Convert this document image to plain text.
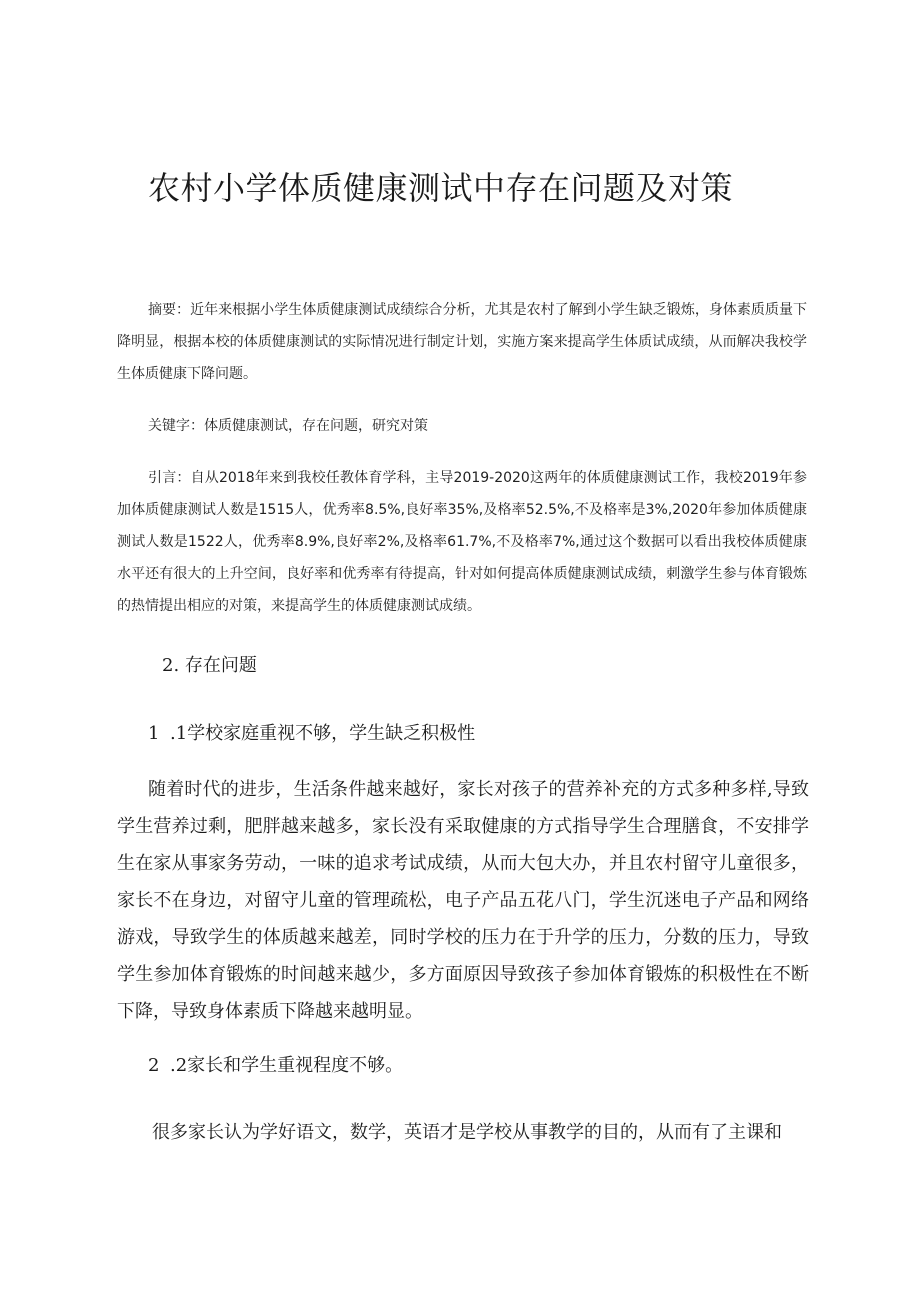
农村小学体质健康测试中存在问题及对策
摘要：近年来根据小学生体质健康测试成绩综合分析，尤其是农村了解到小学生缺乏锻炼，身体素质质量下降明显，根据本校的体质健康测试的实际情况进行制定计划，实施方案来提高学生体质试成绩，从而解决我校学生体质健康下降问题。
关键字：体质健康测试，存在问题，研究对策
引言：自从2018年来到我校任教体育学科，主导2019-2020这两年的体质健康测试工作，我校2019年参加体质健康测试人数是1515人，优秀率8.5%,良好率35%,及格率52.5%,不及格率是3%,2020年参加体质健康测试人数是1522人，优秀率8.9%,良好率2%,及格率61.7%,不及格率7%,通过这个数据可以看出我校体质健康水平还有很大的上升空间，良好率和优秀率有待提高，针对如何提高体质健康测试成绩，刺激学生参与体育锻炼的热情提出相应的对策，来提高学生的体质健康测试成绩。
2. 存在问题
1 .1学校家庭重视不够，学生缺乏积极性
随着时代的进步，生活条件越来越好，家长对孩子的营养补充的方式多种多样,导致学生营养过剩，肥胖越来越多，家长没有采取健康的方式指导学生合理膳食，不安排学生在家从事家务劳动，一味的追求考试成绩，从而大包大办，并且农村留守儿童很多，家长不在身边，对留守儿童的管理疏松，电子产品五花八门，学生沉迷电子产品和网络游戏，导致学生的体质越来越差，同时学校的压力在于升学的压力，分数的压力，导致学生参加体育锻炼的时间越来越少，多方面原因导致孩子参加体育锻炼的积极性在不断下降，导致身体素质下降越来越明显。
2 .2家长和学生重视程度不够。
很多家长认为学好语文，数学，英语才是学校从事教学的目的，从而有了主课和
